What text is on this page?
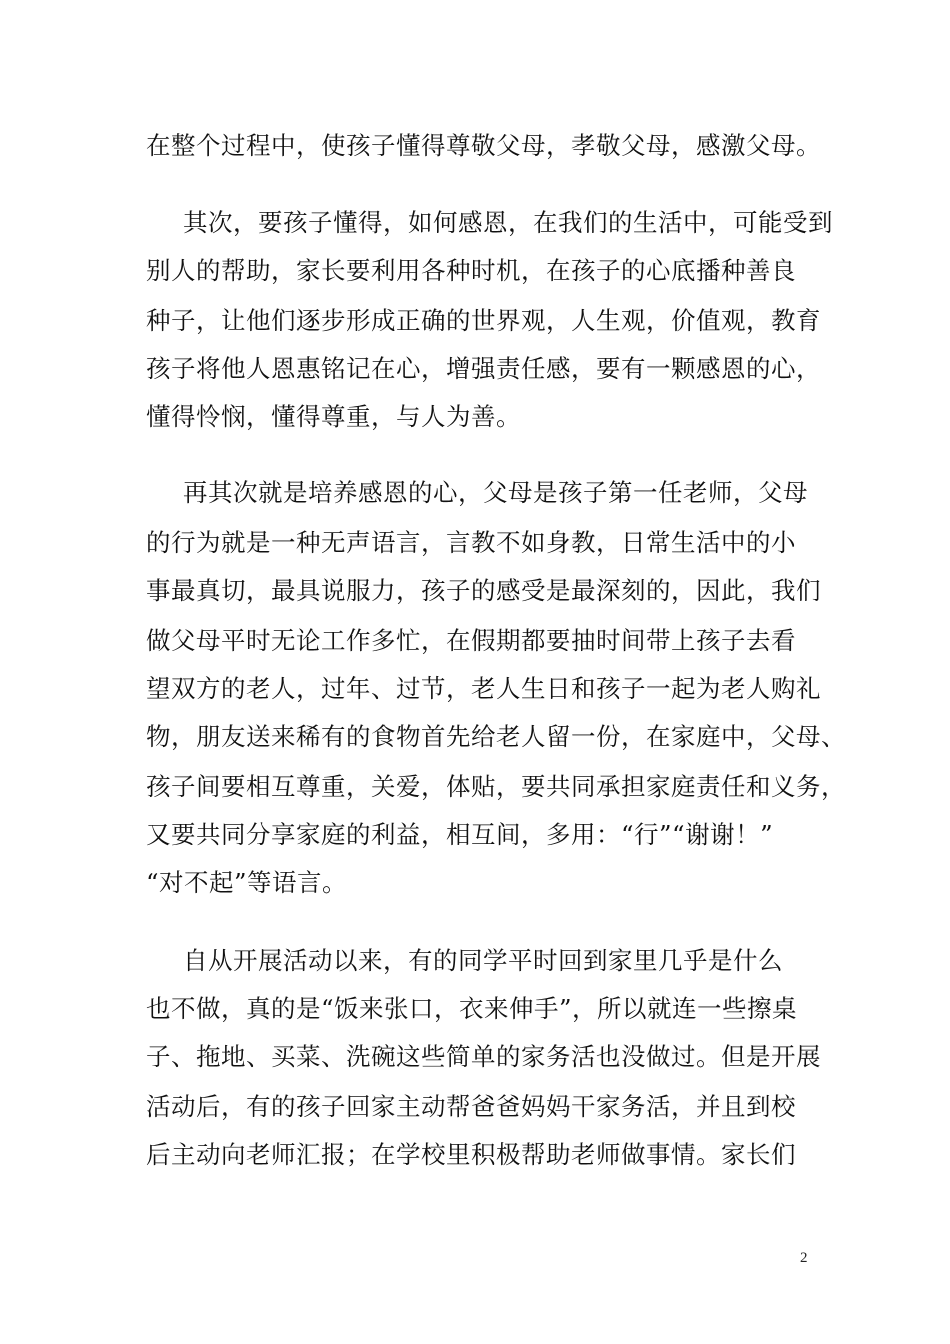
在整个过程中，使孩子懂得尊敬父母，孝敬父母，感激父母。
其次，要孩子懂得，如何感恩，在我们的生活中，可能受到
别人的帮助，家长要利用各种时机，在孩子的心底播种善良
种子，让他们逐步形成正确的世界观，人生观，价值观，教育
孩子将他人恩惠铭记在心，增强责任感，要有一颗感恩的心，
懂得怜悯，懂得尊重，与人为善。
再其次就是培养感恩的心，父母是孩子第一任老师，父母
的行为就是一种无声语言，言教不如身教，日常生活中的小
事最真切，最具说服力，孩子的感受是最深刻的，因此，我们
做父母平时无论工作多忙，在假期都要抽时间带上孩子去看
望双方的老人，过年、过节，老人生日和孩子一起为老人购礼
物，朋友送来稀有的食物首先给老人留一份，在家庭中，父母、
孩子间要相互尊重，关爱，体贴，要共同承担家庭责任和义务，
又要共同分享家庭的利益，相互间，多用：“行”“谢谢！”
“对不起”等语言。
自从开展活动以来，有的同学平时回到家里几乎是什么
也不做，真的是“饭来张口，衣来伸手”，所以就连一些擦桌
子、拖地、买菜、洗碗这些简单的家务活也没做过。但是开展
活动后，有的孩子回家主动帮爸爸妈妈干家务活，并且到校
后主动向老师汇报；在学校里积极帮助老师做事情。家长们
2
